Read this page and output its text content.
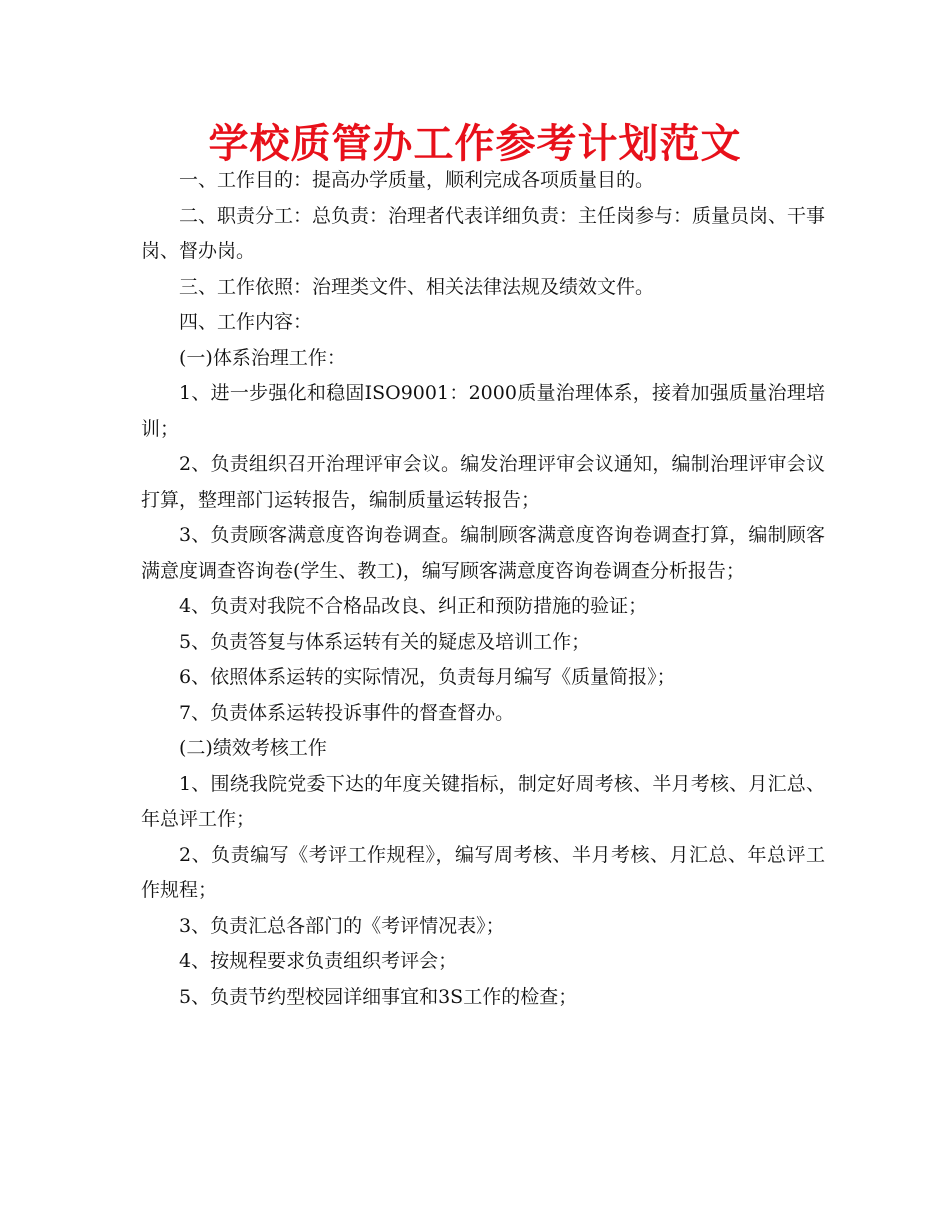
学校质管办工作参考计划范文

一、工作目的：提高办学质量，顺利完成各项质量目的。

二、职责分工：总负责：治理者代表详细负责：主任岗参与：质量员岗、干事岗、督办岗。

三、工作依照：治理类文件、相关法律法规及绩效文件。

四、工作内容：

(一)体系治理工作：

1、进一步强化和稳固ISO9001：2000质量治理体系，接着加强质量治理培训；

2、负责组织召开治理评审会议。编发治理评审会议通知，编制治理评审会议打算，整理部门运转报告，编制质量运转报告；

3、负责顾客满意度咨询卷调查。编制顾客满意度咨询卷调查打算，编制顾客满意度调查咨询卷(学生、教工)，编写顾客满意度咨询卷调查分析报告；

4、负责对我院不合格品改良、纠正和预防措施的验证；

5、负责答复与体系运转有关的疑虑及培训工作；

6、依照体系运转的实际情况，负责每月编写《质量简报》；

7、负责体系运转投诉事件的督查督办。

(二)绩效考核工作

1、围绕我院党委下达的年度关键指标，制定好周考核、半月考核、月汇总、年总评工作；

2、负责编写《考评工作规程》，编写周考核、半月考核、月汇总、年总评工作规程；

3、负责汇总各部门的《考评情况表》；

4、按规程要求负责组织考评会；

5、负责节约型校园详细事宜和3S工作的检查；
